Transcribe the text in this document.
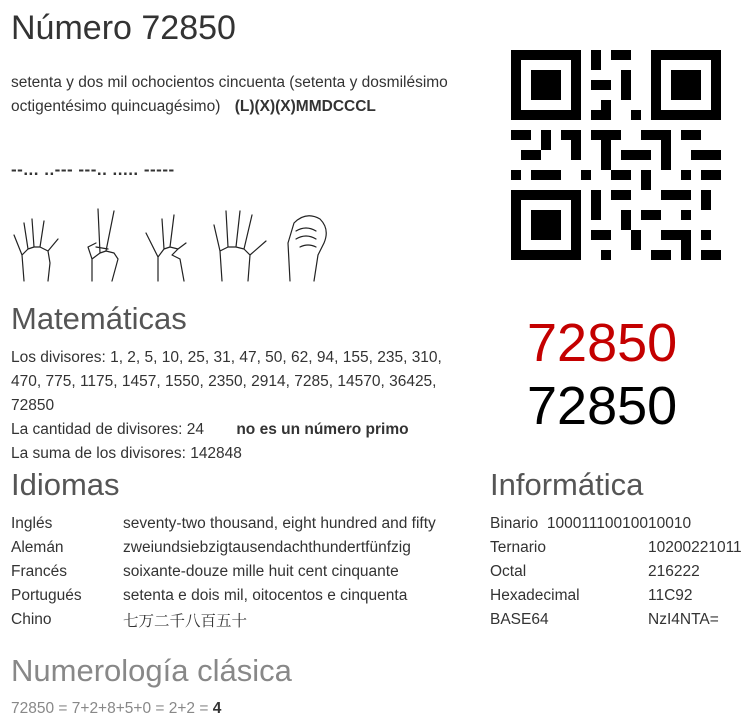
Número 72850
setenta y dos mil ochocientos cincuenta (setenta y dosmilésimo octigentésimo quincuagésimo) (L)(X)(X)MMDCCCL
--... ..--- ---.. ..... -----
Matemáticas
Los divisores: 1, 2, 5, 10, 25, 31, 47, 50, 62, 94, 155, 235, 310, 470, 775, 1175, 1457, 1550, 2350, 2914, 7285, 14570, 36425, 72850
La cantidad de divisores: 24 no es un número primo
La suma de los divisores: 142848
72850
72850
Idiomas
Inglés	seventy-two thousand, eight hundred and fifty
Alemán	zweiundsiebzigtausendachthundertfünfzig
Francés	soixante-douze mille huit cent cinquante
Portugués	setenta e dois mil, oitocentos e cinquenta
Chino	七万二千八百五十
Informática
Binario 10001110010010010	
Ternario	10200221011
Octal	216222
Hexadecimal	11C92
BASE64	NzI4NTA=
Numerología clásica
72850 = 7+2+8+5+0 = 2+2 = 4
